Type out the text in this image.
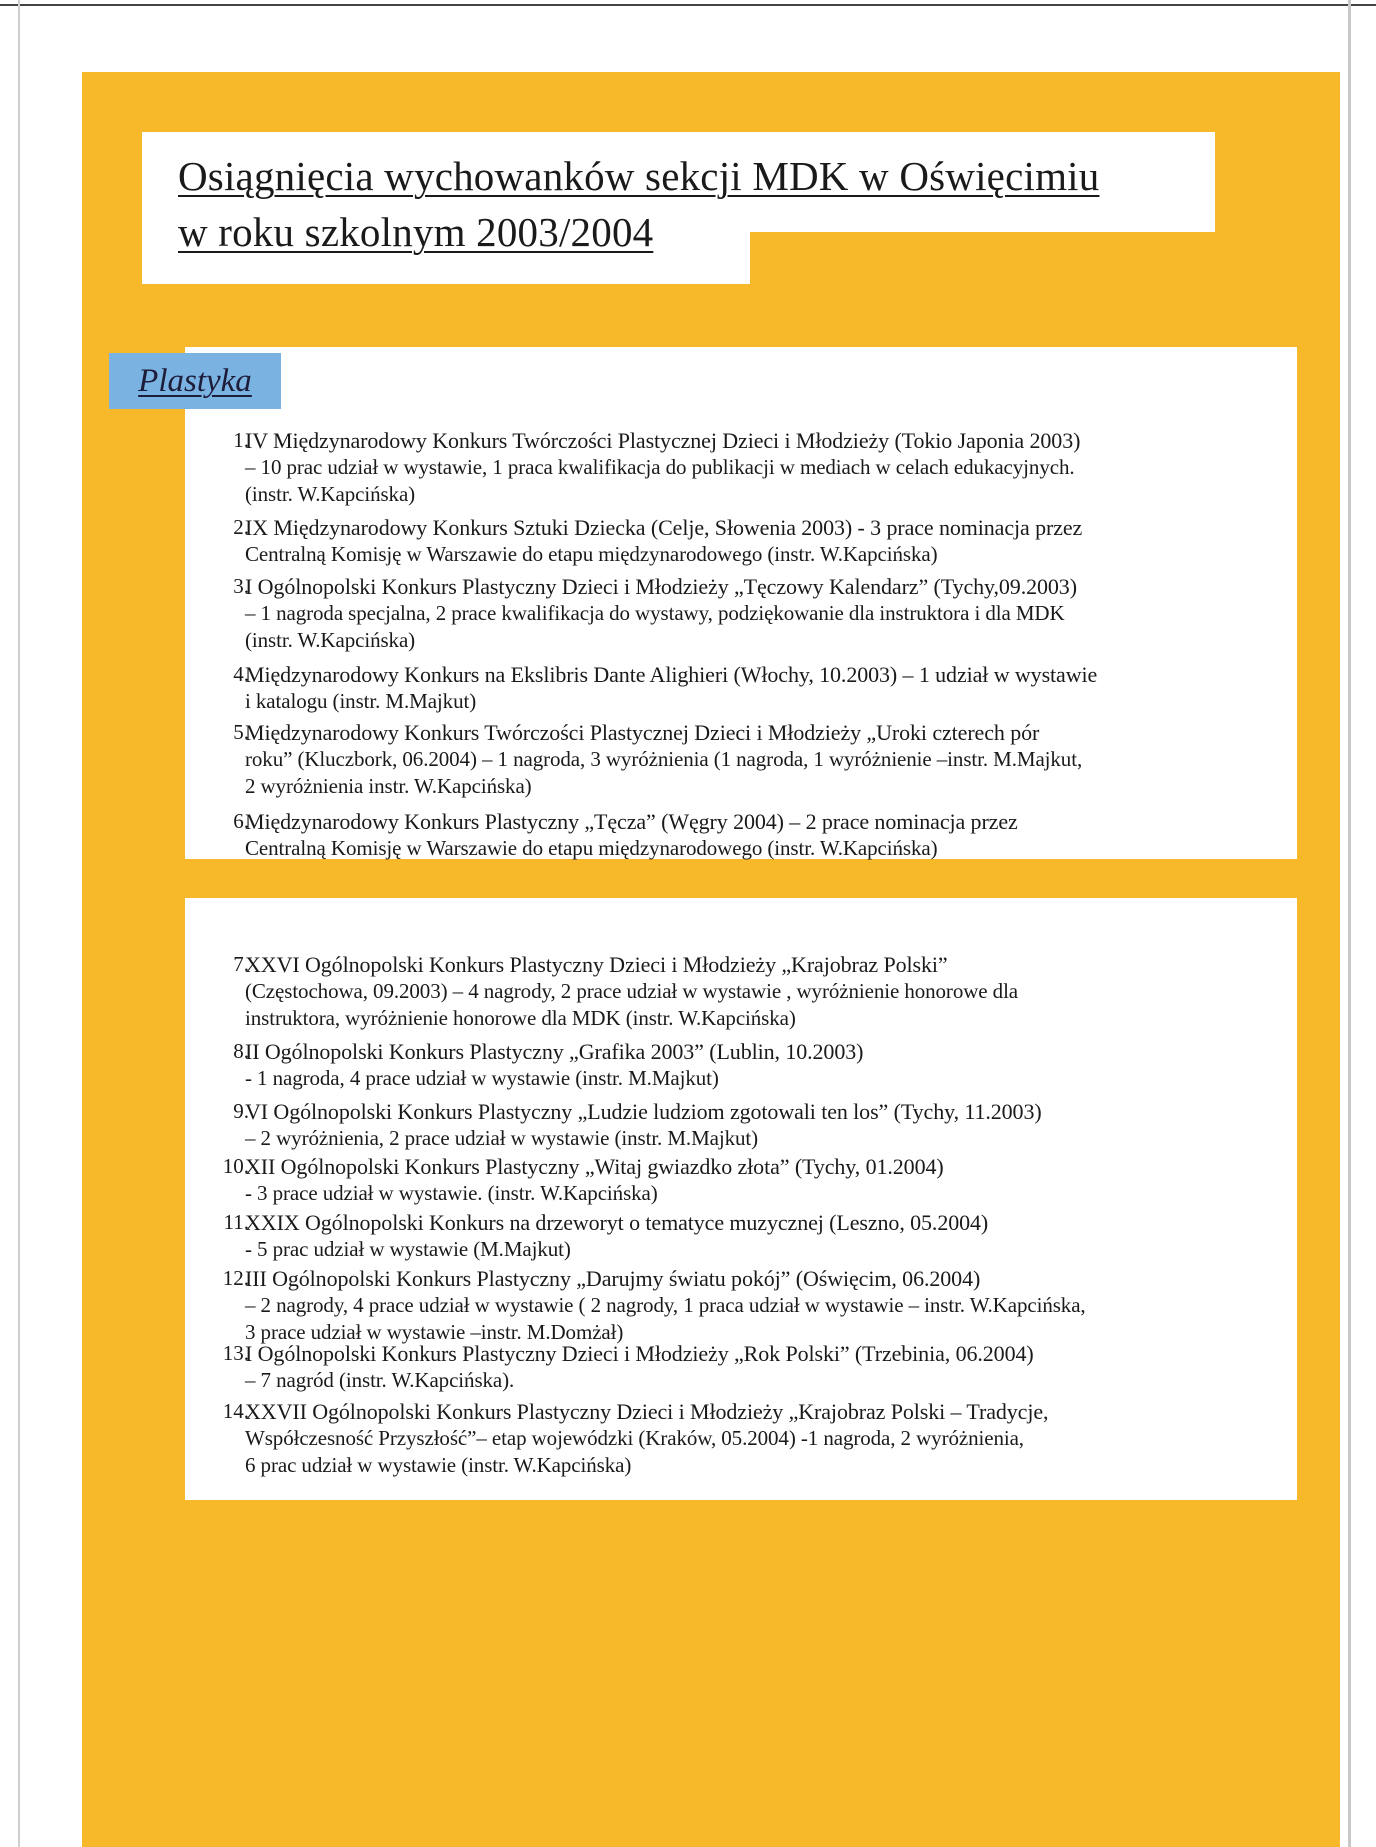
Osiągnięcia wychowanków sekcji MDK w Oświęcimiu
w roku szkolnym 2003/2004
1.
IV Międzynarodowy Konkurs Twórczości Plastycznej Dzieci i Młodzieży (Tokio Japonia 2003)
– 10 prac udział w wystawie, 1 praca kwalifikacja do publikacji w mediach w celach edukacyjnych.
(instr. W.Kapcińska)
2.
IX Międzynarodowy Konkurs Sztuki Dziecka (Celje, Słowenia 2003) - 3 prace nominacja przez
Centralną Komisję w Warszawie do etapu międzynarodowego (instr. W.Kapcińska)
3.
I Ogólnopolski Konkurs Plastyczny Dzieci i Młodzieży „Tęczowy Kalendarz” (Tychy,09.2003)
– 1 nagroda specjalna, 2 prace kwalifikacja do wystawy, podziękowanie dla instruktora i dla MDK
(instr. W.Kapcińska)
4.
Międzynarodowy Konkurs na Ekslibris Dante Alighieri (Włochy, 10.2003) – 1 udział w wystawie
i katalogu (instr. M.Majkut)
5.
Międzynarodowy Konkurs Twórczości Plastycznej Dzieci i Młodzieży „Uroki czterech pór
roku” (Kluczbork, 06.2004) – 1 nagroda, 3 wyróżnienia (1 nagroda, 1 wyróżnienie –instr. M.Majkut,
2 wyróżnienia instr. W.Kapcińska)
6.
Międzynarodowy Konkurs Plastyczny „Tęcza” (Węgry 2004) – 2 prace nominacja przez
Centralną Komisję w Warszawie do etapu międzynarodowego (instr. W.Kapcińska)
7.
XXVI Ogólnopolski Konkurs Plastyczny Dzieci i Młodzieży „Krajobraz Polski”
(Częstochowa, 09.2003) – 4 nagrody, 2 prace udział w wystawie , wyróżnienie honorowe dla
instruktora, wyróżnienie honorowe dla MDK (instr. W.Kapcińska)
8.
II Ogólnopolski Konkurs Plastyczny „Grafika 2003” (Lublin, 10.2003)
- 1 nagroda, 4 prace udział w wystawie (instr. M.Majkut)
9.
VI Ogólnopolski Konkurs Plastyczny „Ludzie ludziom zgotowali ten los” (Tychy, 11.2003)
– 2 wyróżnienia, 2 prace udział w wystawie (instr. M.Majkut)
10.
XII Ogólnopolski Konkurs Plastyczny „Witaj gwiazdko złota” (Tychy, 01.2004)
- 3 prace udział w wystawie. (instr. W.Kapcińska)
11.
XXIX Ogólnopolski Konkurs na drzeworyt o tematyce muzycznej (Leszno, 05.2004)
- 5 prac udział w wystawie (M.Majkut)
12.
III Ogólnopolski Konkurs Plastyczny „Darujmy światu pokój” (Oświęcim, 06.2004)
– 2 nagrody, 4 prace udział w wystawie ( 2 nagrody, 1 praca udział w wystawie – instr. W.Kapcińska,
3 prace udział w wystawie –instr. M.Domżał)
13.
I Ogólnopolski Konkurs Plastyczny Dzieci i Młodzieży „Rok Polski” (Trzebinia, 06.2004)
– 7 nagród (instr. W.Kapcińska).
14.
XXVII Ogólnopolski Konkurs Plastyczny Dzieci i Młodzieży „Krajobraz Polski – Tradycje,
Współczesność Przyszłość”– etap wojewódzki (Kraków, 05.2004) -1 nagroda, 2 wyróżnienia,
6 prac udział w wystawie (instr. W.Kapcińska)
Plastyka
